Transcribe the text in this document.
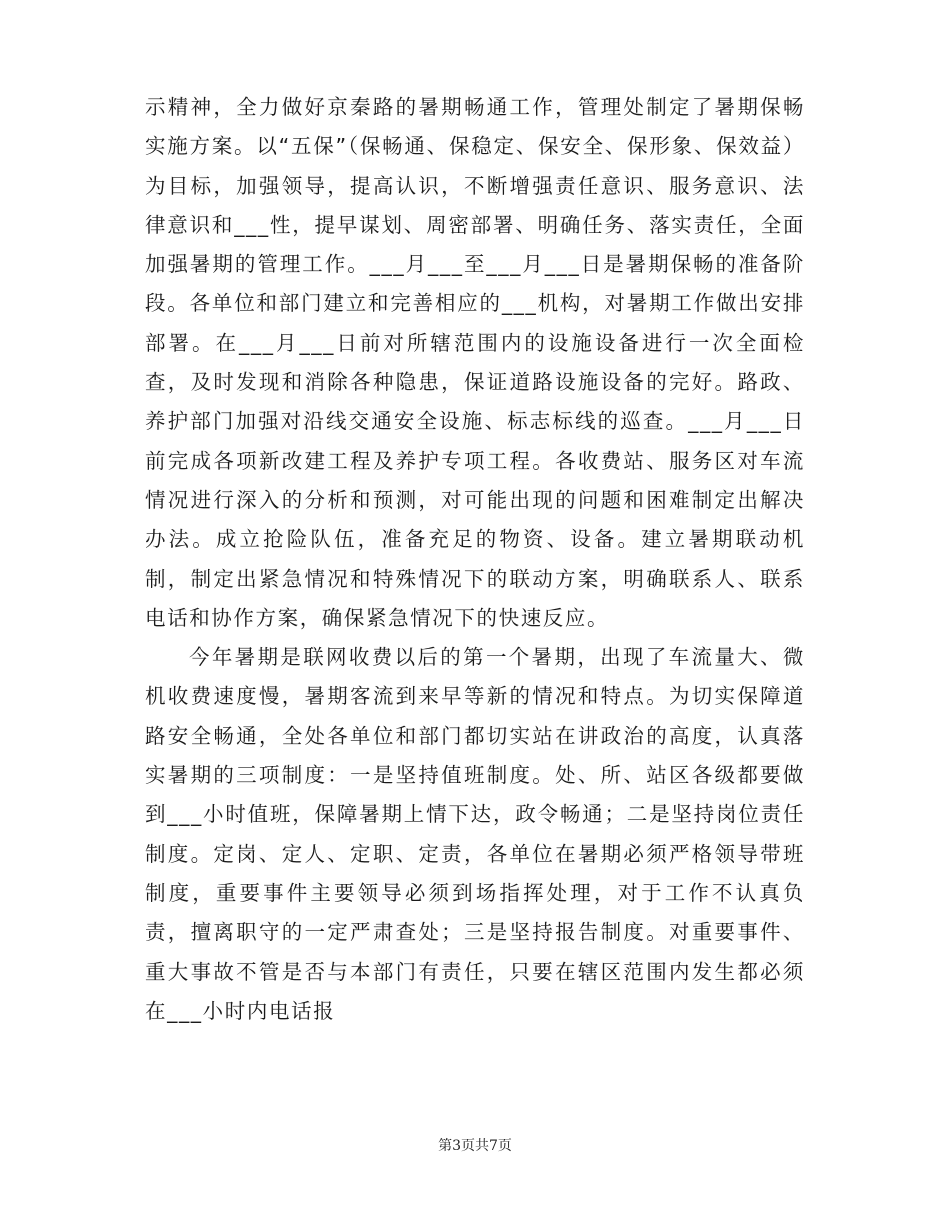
示精神，全力做好京秦路的暑期畅通工作，管理处制定了暑期保畅实施方案。以“五保”（保畅通、保稳定、保安全、保形象、保效益）为目标，加强领导，提高认识，不断增强责任意识、服务意识、法律意识和___性，提早谋划、周密部署、明确任务、落实责任，全面加强暑期的管理工作。___月___至___月___日是暑期保畅的准备阶段。各单位和部门建立和完善相应的___机构，对暑期工作做出安排部署。在___月___日前对所辖范围内的设施设备进行一次全面检查，及时发现和消除各种隐患，保证道路设施设备的完好。路政、养护部门加强对沿线交通安全设施、标志标线的巡查。___月___日前完成各项新改建工程及养护专项工程。各收费站、服务区对车流情况进行深入的分析和预测，对可能出现的问题和困难制定出解决办法。成立抢险队伍，准备充足的物资、设备。建立暑期联动机制，制定出紧急情况和特殊情况下的联动方案，明确联系人、联系电话和协作方案，确保紧急情况下的快速反应。

今年暑期是联网收费以后的第一个暑期，出现了车流量大、微机收费速度慢，暑期客流到来早等新的情况和特点。为切实保障道路安全畅通，全处各单位和部门都切实站在讲政治的高度，认真落实暑期的三项制度：一是坚持值班制度。处、所、站区各级都要做到___小时值班，保障暑期上情下达，政令畅通；二是坚持岗位责任制度。定岗、定人、定职、定责，各单位在暑期必须严格领导带班制度，重要事件主要领导必须到场指挥处理，对于工作不认真负责，擅离职守的一定严肃查处；三是坚持报告制度。对重要事件、重大事故不管是否与本部门有责任，只要在辖区范围内发生都必须在___小时内电话报

第3页共7页
